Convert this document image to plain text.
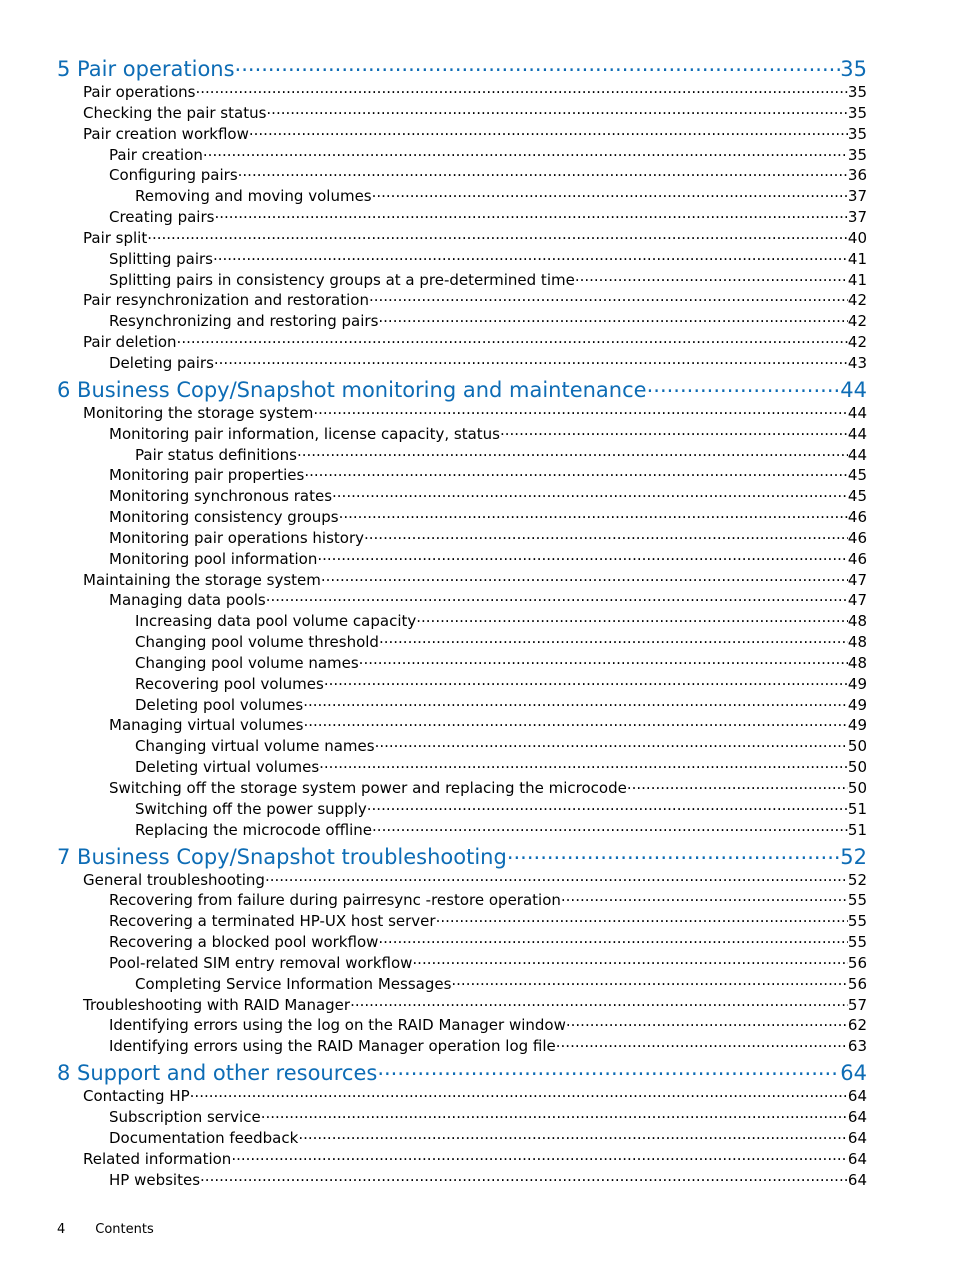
5 Pair operations .....	35
Pair operations .....	35
Checking the pair status .....	35
Pair creation workflow .....	35
Pair creation .....	35
Configuring pairs .....	36
Removing and moving volumes .....	37
Creating pairs .....	37
Pair split .....	40
Splitting pairs .....	41
Splitting pairs in consistency groups at a pre-determined time .....	41
Pair resynchronization and restoration .....	42
Resynchronizing and restoring pairs .....	42
Pair deletion .....	42
Deleting pairs .....	43
6 Business Copy/Snapshot monitoring and maintenance .....	44
Monitoring the storage system .....	44
Monitoring pair information, license capacity, status .....	44
Pair status definitions .....	44
Monitoring pair properties .....	45
Monitoring synchronous rates .....	45
Monitoring consistency groups .....	46
Monitoring pair operations history .....	46
Monitoring pool information .....	46
Maintaining the storage system .....	47
Managing data pools .....	47
Increasing data pool volume capacity .....	48
Changing pool volume threshold .....	48
Changing pool volume names .....	48
Recovering pool volumes .....	49
Deleting pool volumes .....	49
Managing virtual volumes .....	49
Changing virtual volume names .....	50
Deleting virtual volumes .....	50
Switching off the storage system power and replacing the microcode .....	50
Switching off the power supply .....	51
Replacing the microcode offline .....	51
7 Business Copy/Snapshot troubleshooting .....	52
General troubleshooting .....	52
Recovering from failure during pairresync -restore operation .....	55
Recovering a terminated HP-UX host server .....	55
Recovering a blocked pool workflow .....	55
Pool-related SIM entry removal workflow .....	56
Completing Service Information Messages .....	56
Troubleshooting with RAID Manager .....	57
Identifying errors using the log on the RAID Manager window .....	62
Identifying errors using the RAID Manager operation log file .....	63
8 Support and other resources .....	64
Contacting HP .....	64
Subscription service .....	64
Documentation feedback .....	64
Related information .....	64
HP websites .....	64
4 Contents
